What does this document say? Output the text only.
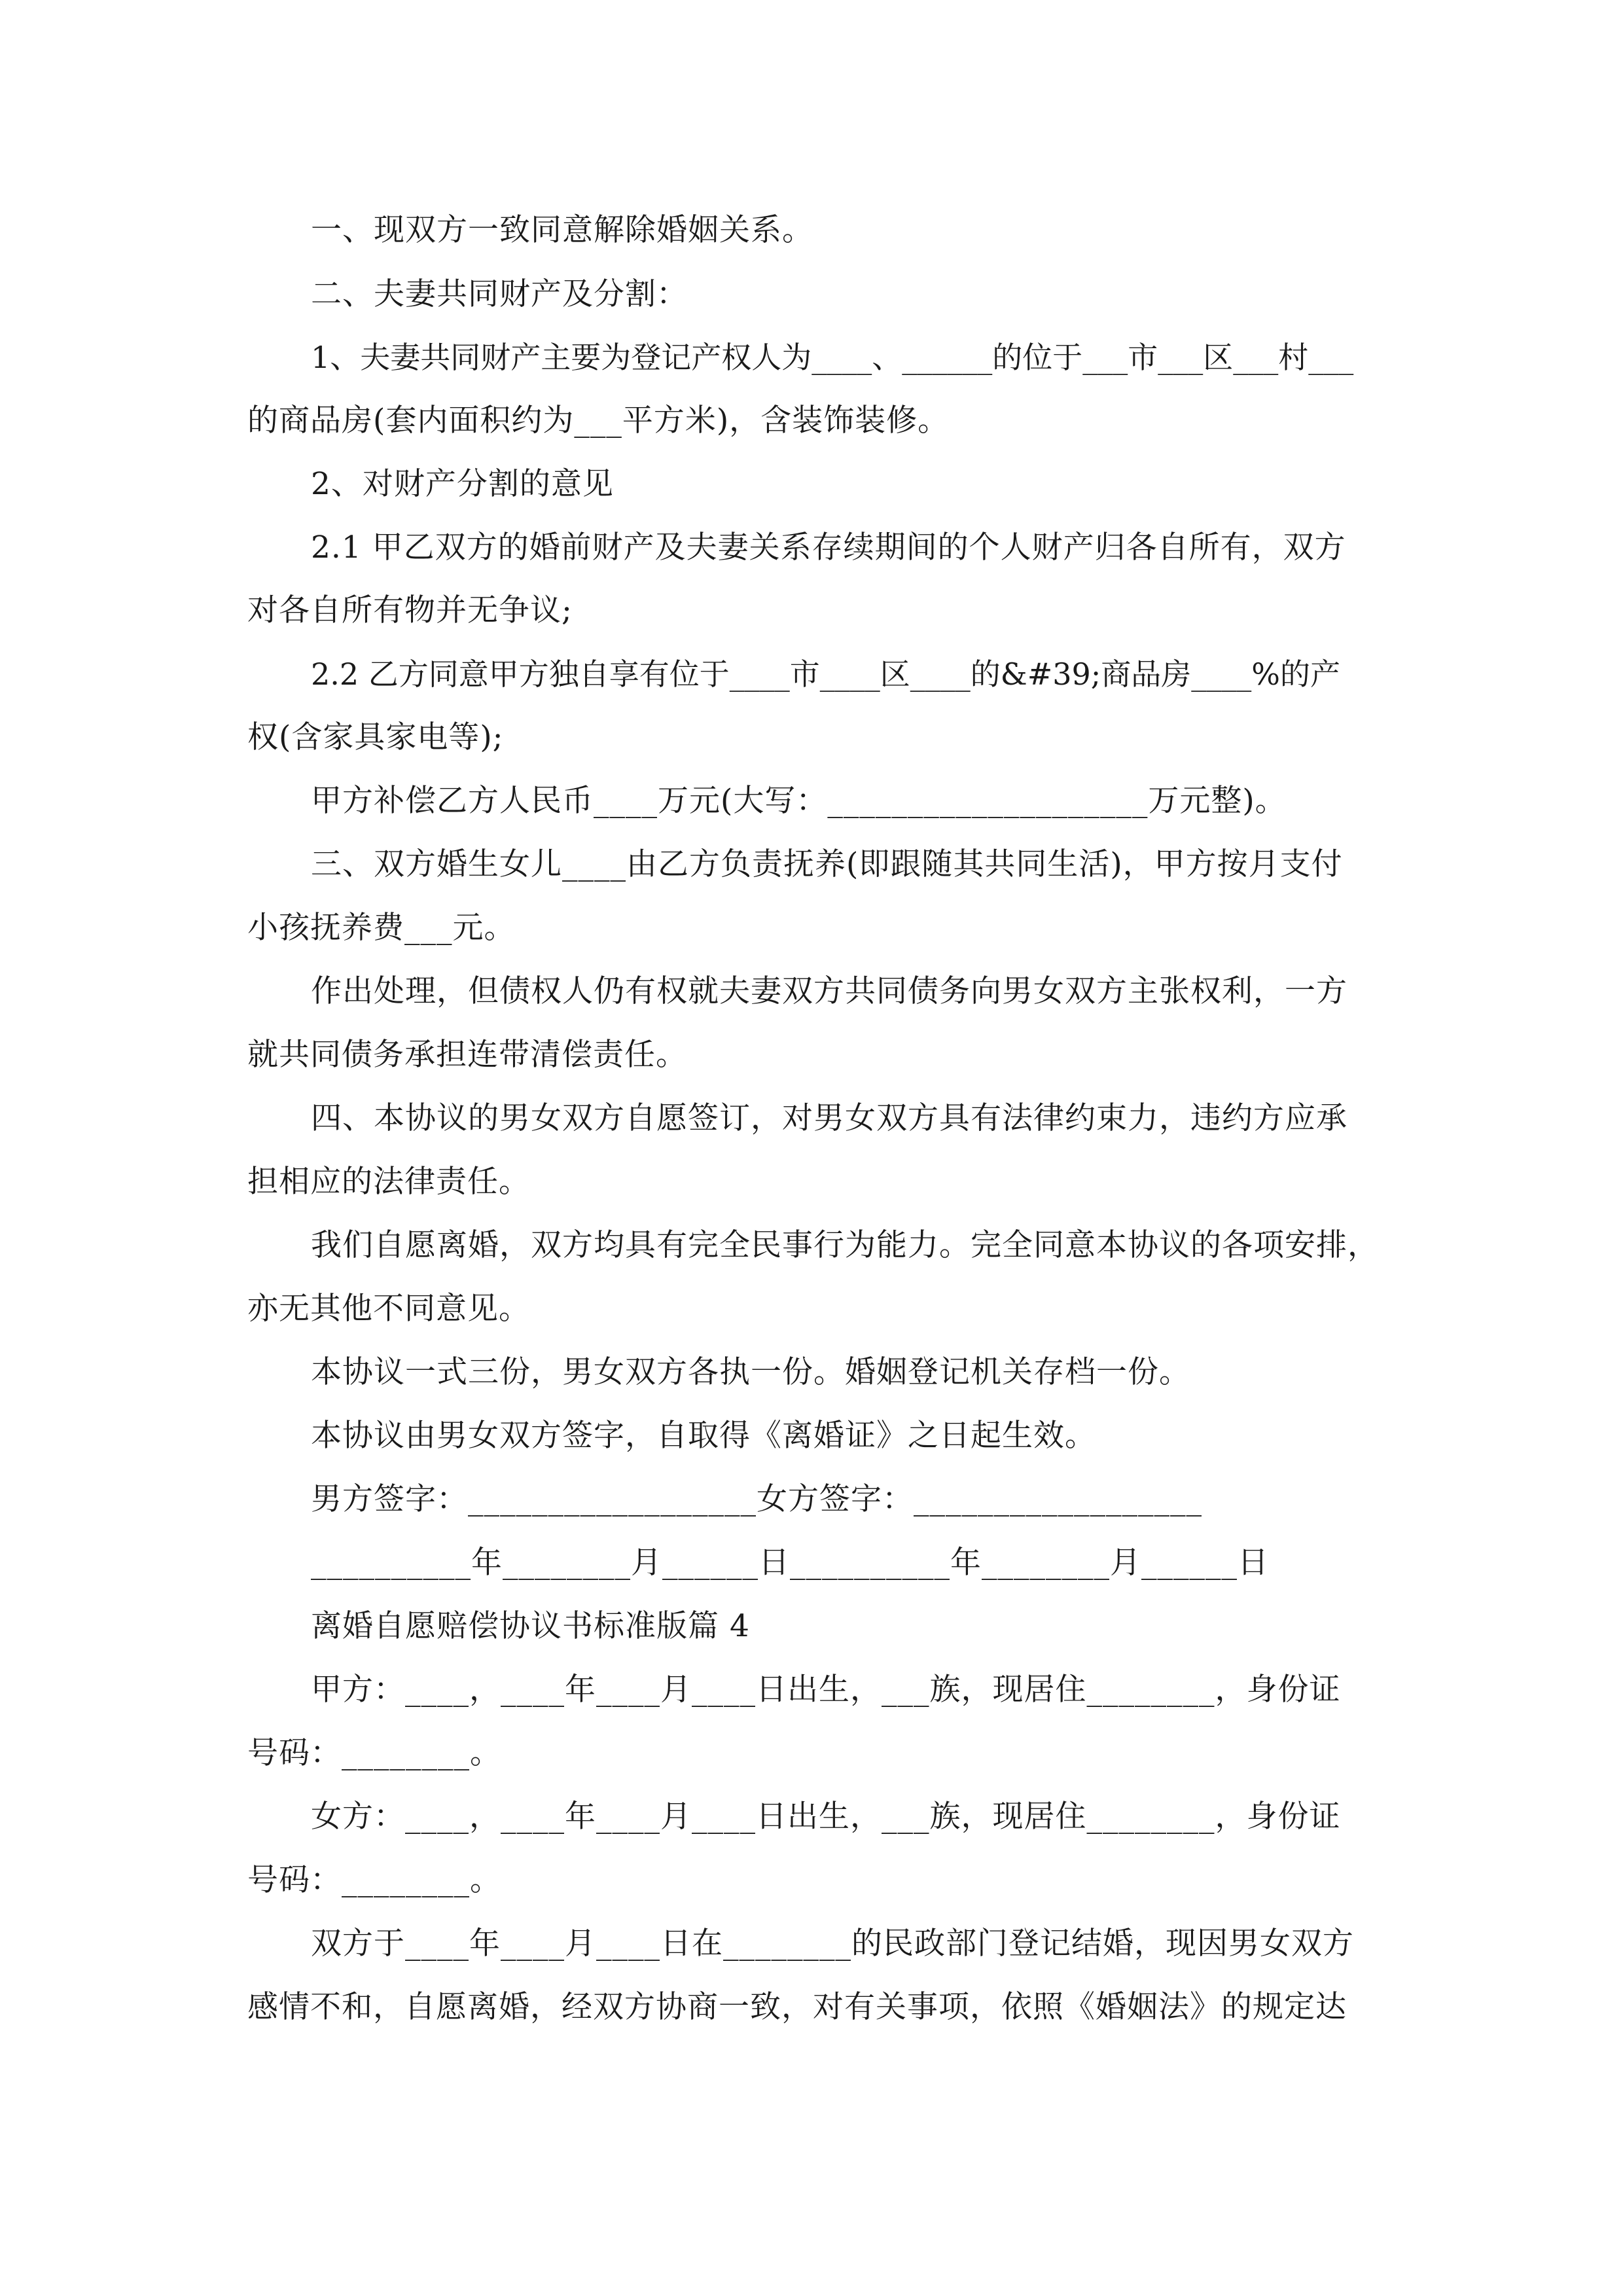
一、现双方一致同意解除婚姻关系。
二、夫妻共同财产及分割：
1、夫妻共同财产主要为登记产权人为____、______的位于___市___区___村___
的商品房(套内面积约为___平方米)，含装饰装修。
2、对财产分割的意见
2.1 甲乙双方的婚前财产及夫妻关系存续期间的个人财产归各自所有，双方
对各自所有物并无争议;
2.2 乙方同意甲方独自享有位于____市____区____的&#39;商品房____%的产
权(含家具家电等);
甲方补偿乙方人民币____万元(大写：____________________万元整)。
三、双方婚生女儿____由乙方负责抚养(即跟随其共同生活)，甲方按月支付
小孩抚养费___元。
作出处理，但债权人仍有权就夫妻双方共同债务向男女双方主张权利，一方
就共同债务承担连带清偿责任。
四、本协议的男女双方自愿签订，对男女双方具有法律约束力，违约方应承
担相应的法律责任。
我们自愿离婚，双方均具有完全民事行为能力。完全同意本协议的各项安排，
亦无其他不同意见。
本协议一式三份，男女双方各执一份。婚姻登记机关存档一份。
本协议由男女双方签字，自取得《离婚证》之日起生效。
男方签字：__________________女方签字：__________________
__________年________月______日__________年________月______日
离婚自愿赔偿协议书标准版篇 4
甲方：____，____年____月____日出生，___族，现居住________，身份证
号码：________。
女方：____，____年____月____日出生，___族，现居住________，身份证
号码：________。
双方于____年____月____日在________的民政部门登记结婚，现因男女双方
感情不和，自愿离婚，经双方协商一致，对有关事项，依照《婚姻法》的规定达
